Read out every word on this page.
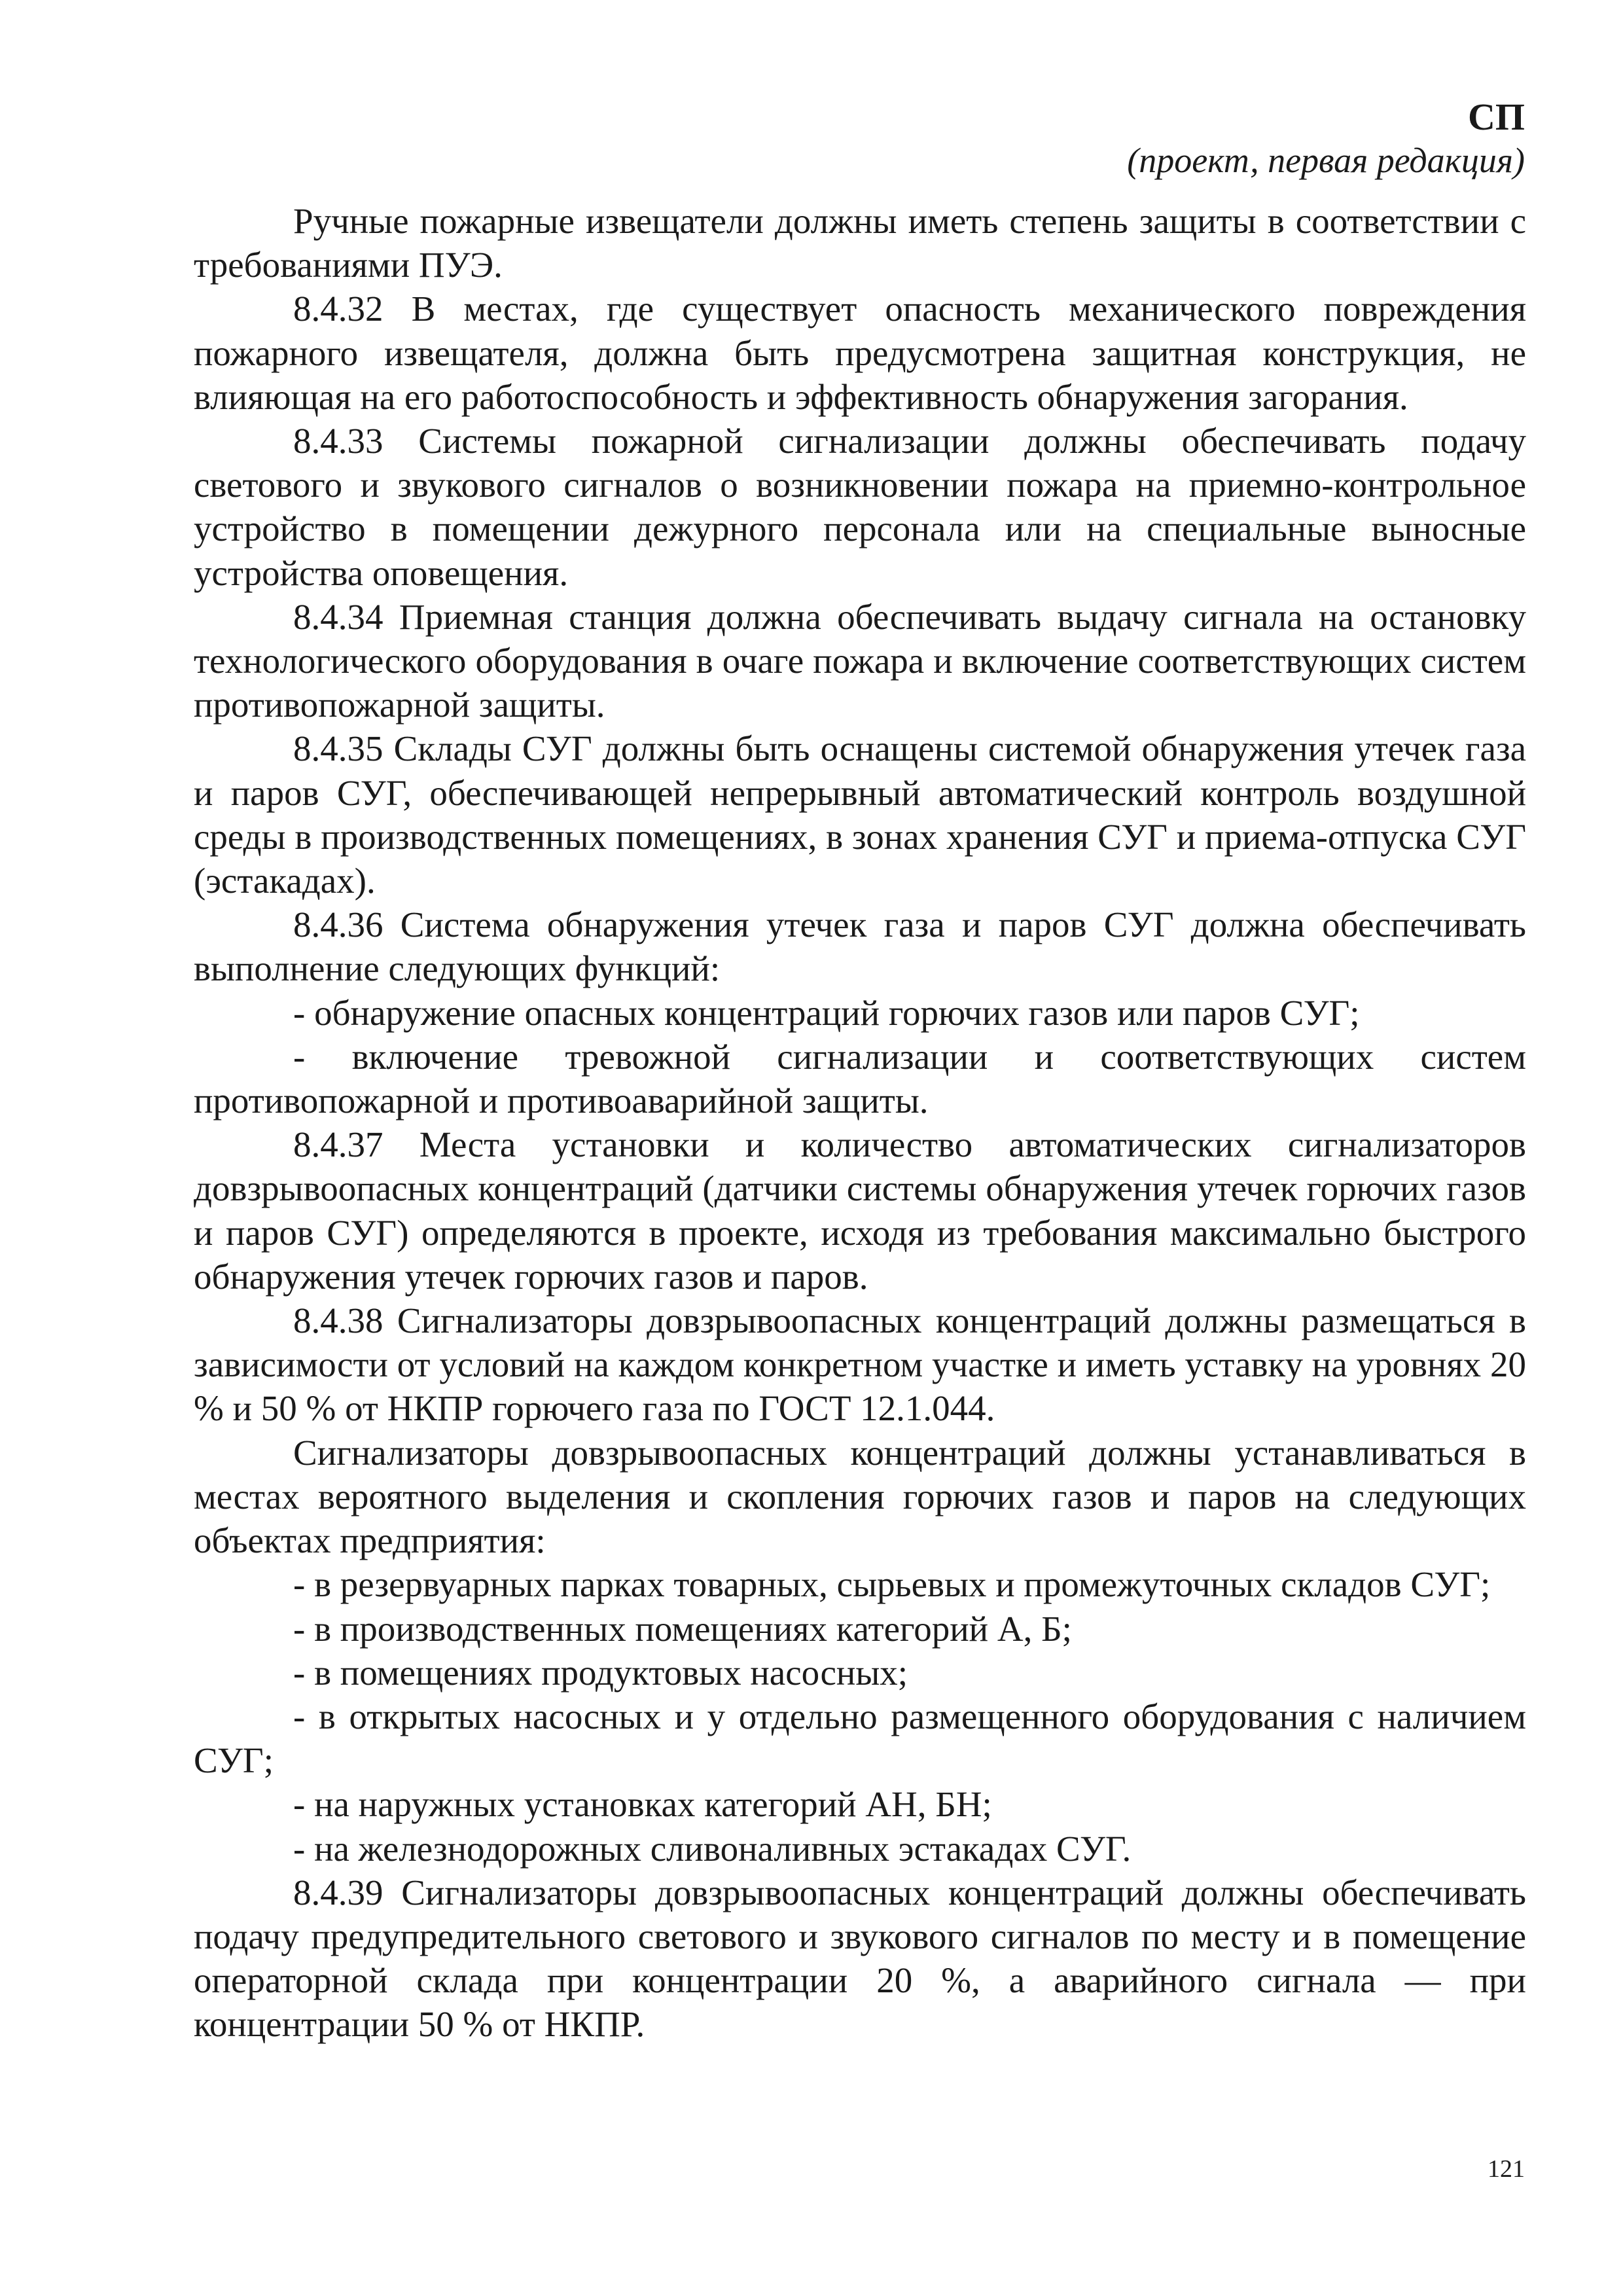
СП
(проект, первая редакция)

Ручные пожарные извещатели должны иметь степень защиты в соответствии с требованиями ПУЭ.

8.4.32 В местах, где существует опасность механического повреждения пожарного извещателя, должна быть предусмотрена защитная конструкция, не влияющая на его работоспособность и эффективность обнаружения загорания.

8.4.33 Системы пожарной сигнализации должны обеспечивать подачу светового и звукового сигналов о возникновении пожара на приемно-контрольное устройство в помещении дежурного персонала или на специальные выносные устройства оповещения.

8.4.34 Приемная станция должна обеспечивать выдачу сигнала на остановку технологического оборудования в очаге пожара и включение соответствующих систем противопожарной защиты.

8.4.35 Склады СУГ должны быть оснащены системой обнаружения утечек газа и паров СУГ, обеспечивающей непрерывный автоматический контроль воздушной среды в производственных помещениях, в зонах хранения СУГ и приема-отпуска СУГ (эстакадах).

8.4.36 Система обнаружения утечек газа и паров СУГ должна обеспечивать выполнение следующих функций:

- обнаружение опасных концентраций горючих газов или паров СУГ;

- включение тревожной сигнализации и соответствующих систем противопожарной и противоаварийной защиты.

8.4.37 Места установки и количество автоматических сигнализаторов довзрывоопасных концентраций (датчики системы обнаружения утечек горючих газов и паров СУГ) определяются в проекте, исходя из требования максимально быстрого обнаружения утечек горючих газов и паров.

8.4.38 Сигнализаторы довзрывоопасных концентраций должны размещаться в зависимости от условий на каждом конкретном участке и иметь уставку на уровнях 20 % и 50 % от НКПР горючего газа по ГОСТ 12.1.044.

Сигнализаторы довзрывоопасных концентраций должны устанавливаться в местах вероятного выделения и скопления горючих газов и паров на следующих объектах предприятия:

- в резервуарных парках товарных, сырьевых и промежуточных складов СУГ;

- в производственных помещениях категорий А, Б;

- в помещениях продуктовых насосных;

- в открытых насосных и у отдельно размещенного оборудования с наличием СУГ;

- на наружных установках категорий АН, БН;

- на железнодорожных сливоналивных эстакадах СУГ.

8.4.39 Сигнализаторы довзрывоопасных концентраций должны обеспечивать подачу предупредительного светового и звукового сигналов по месту и в помещение операторной склада при концентрации 20 %, а аварийного сигнала — при концентрации 50 % от НКПР.

121
